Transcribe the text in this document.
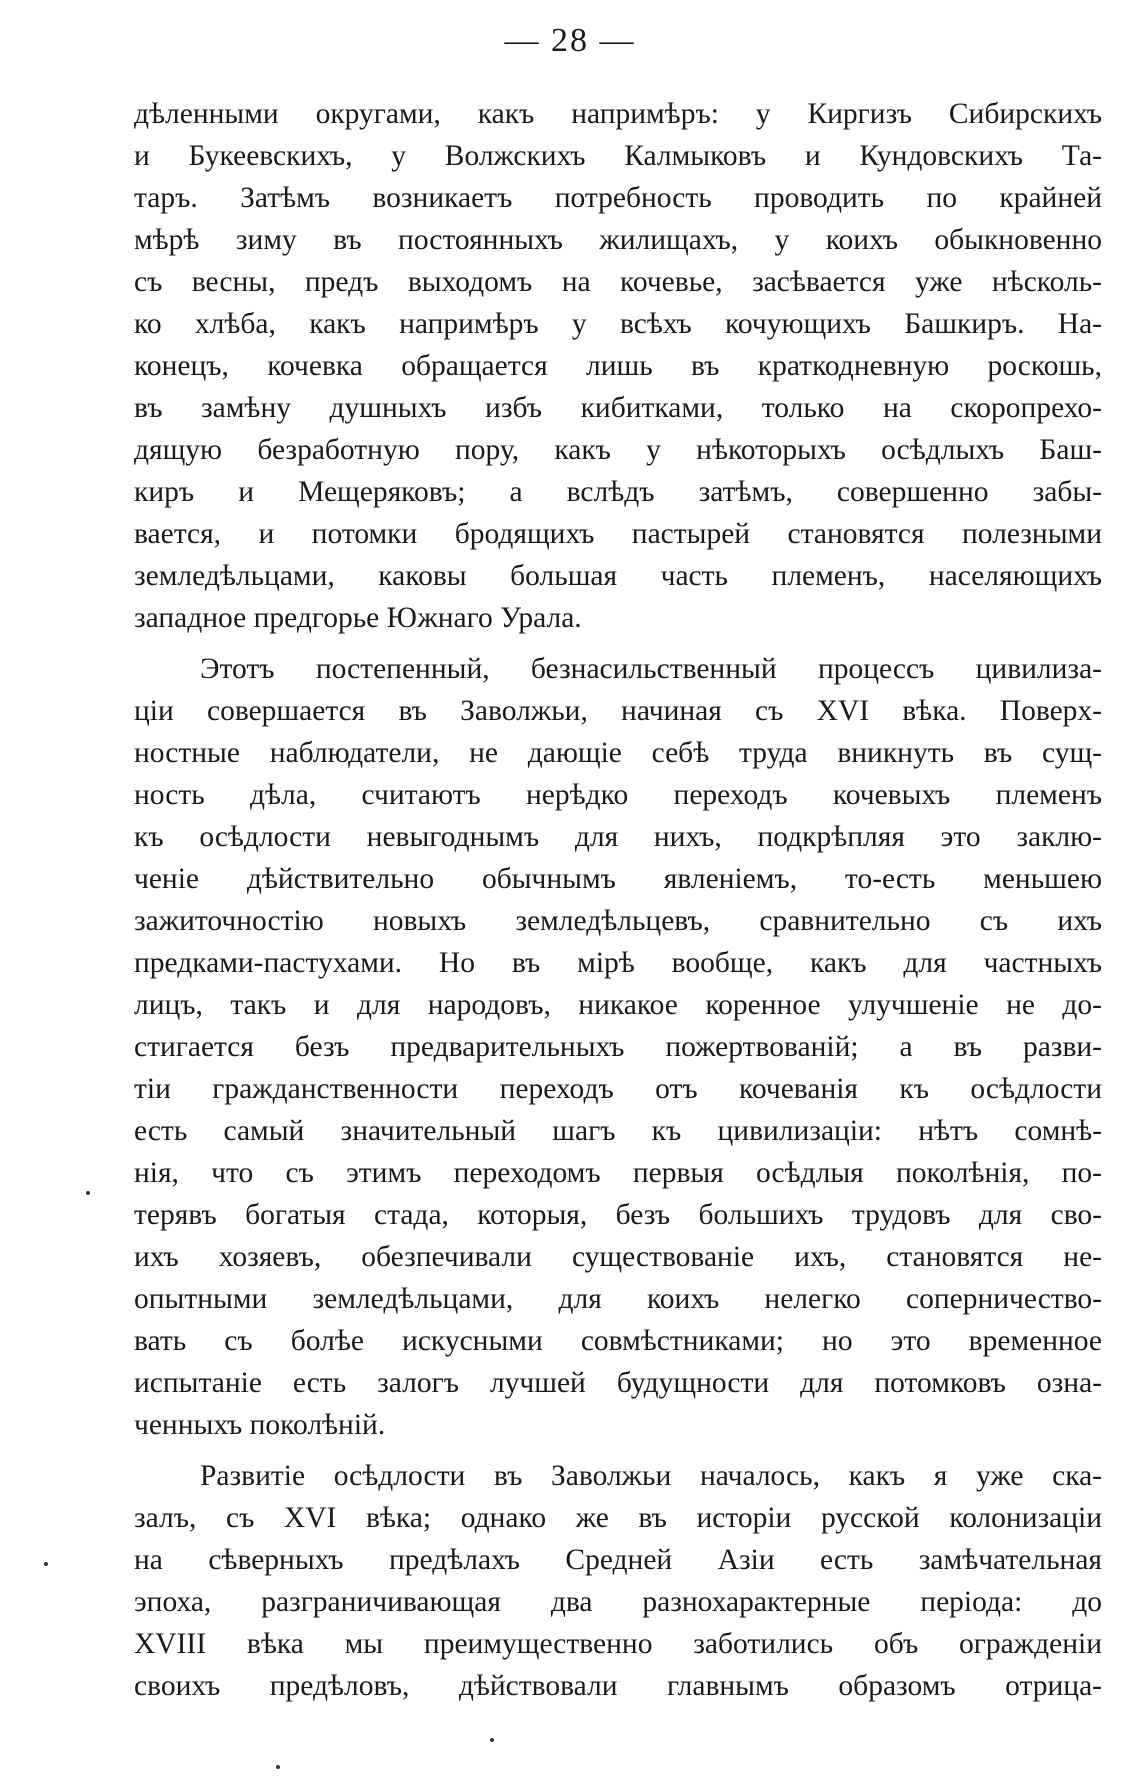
— 28 —

дѣленными округами, какъ напримѣръ: у Киргизъ Сибирскихъ
и Букеевскихъ, у Волжскихъ Калмыковъ и Кундовскихъ Та-
таръ. Затѣмъ возникаетъ потребность проводить по крайней
мѣрѣ зиму въ постоянныхъ жилищахъ, у коихъ обыкновенно
съ весны, предъ выходомъ на кочевье, засѣвается уже нѣсколь-
ко хлѣба, какъ напримѣръ у всѣхъ кочующихъ Башкиръ. На-
конецъ, кочевка обращается лишь въ краткодневную роскошь,
въ замѣну душныхъ избъ кибитками, только на скоропрехо-
дящую безработную пору, какъ у нѣкоторыхъ осѣдлыхъ Баш-
киръ и Мещеряковъ; а вслѣдъ затѣмъ, совершенно забы-
вается, и потомки бродящихъ пастырей становятся полезными
земледѣльцами, каковы большая часть племенъ, населяющихъ
западное предгорье Южнаго Урала.
Этотъ постепенный, безнасильственный процессъ цивилиза-
ціи совершается въ Заволжьи, начиная съ XVI вѣка. Поверх-
ностные наблюдатели, не дающіе себѣ труда вникнуть въ сущ-
ность дѣла, считаютъ нерѣдко переходъ кочевыхъ племенъ
къ осѣдлости невыгоднымъ для нихъ, подкрѣпляя это заклю-
ченіе дѣйствительно обычнымъ явленіемъ, то-есть меньшею
зажиточностію новыхъ земледѣльцевъ, сравнительно съ ихъ
предками-пастухами. Но въ мірѣ вообще, какъ для частныхъ
лицъ, такъ и для народовъ, никакое коренное улучшеніе не до-
стигается безъ предварительныхъ пожертвованій; а въ разви-
тіи гражданственности переходъ отъ кочеванія къ осѣдлости
есть самый значительный шагъ къ цивилизаціи: нѣтъ сомнѣ-
нія, что съ этимъ переходомъ первыя осѣдлыя поколѣнія, по-
терявъ богатыя стада, которыя, безъ большихъ трудовъ для сво-
ихъ хозяевъ, обезпечивали существованіе ихъ, становятся не-
опытными земледѣльцами, для коихъ нелегко соперничество-
вать съ болѣе искусными совмѣстниками; но это временное
испытаніе есть залогъ лучшей будущности для потомковъ озна-
ченныхъ поколѣній.
Развитіе осѣдлости въ Заволжьи началось, какъ я уже ска-
залъ, съ XVI вѣка; однако же въ исторіи русской колонизаціи
на сѣверныхъ предѣлахъ Средней Азіи есть замѣчательная
эпоха, разграничивающая два разнохарактерные періода: до
XVIII вѣка мы преимущественно заботились объ огражденіи
своихъ предѣловъ, дѣйствовали главнымъ образомъ отрица-
